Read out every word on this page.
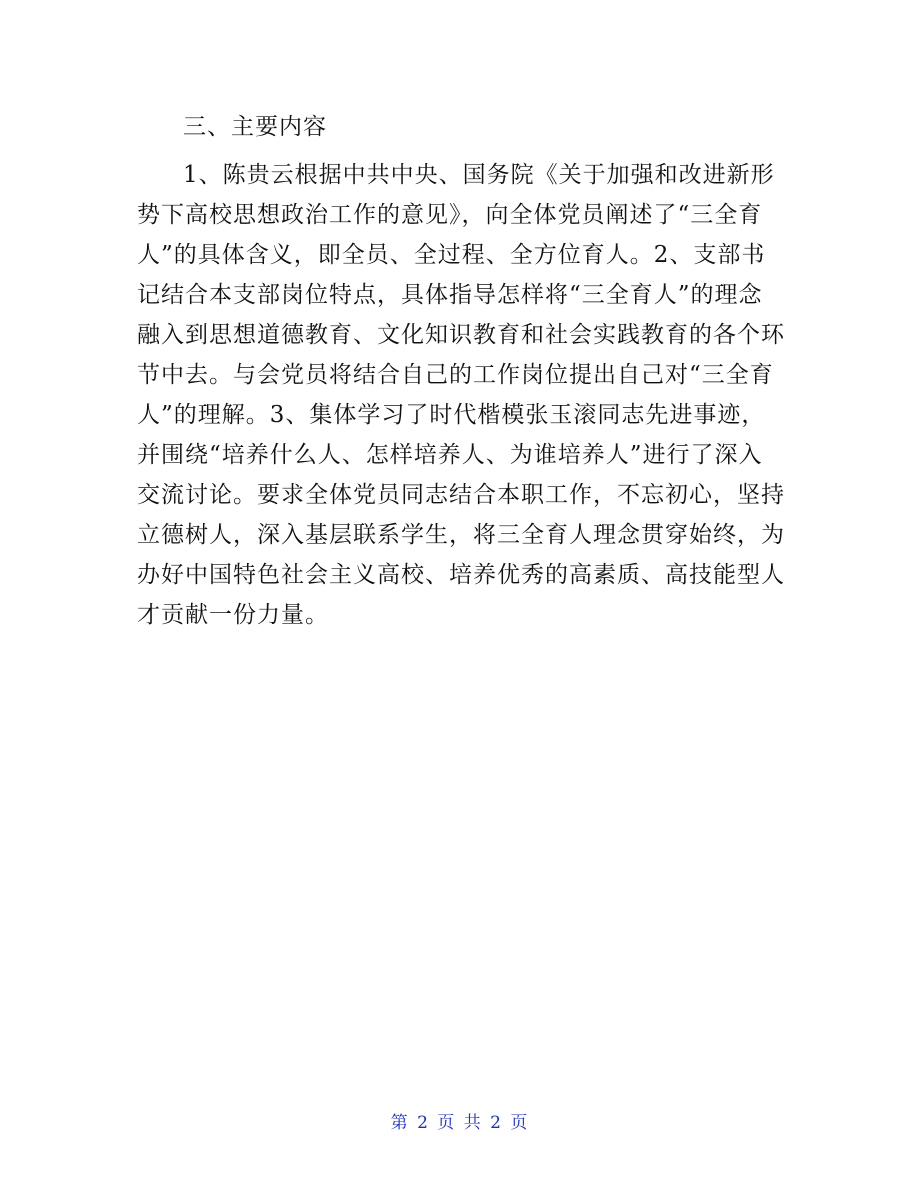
三、主要内容
1、陈贵云根据中共中央、国务院《关于加强和改进新形
势下高校思想政治工作的意见》，向全体党员阐述了“三全育
人”的具体含义，即全员、全过程、全方位育人。2、支部书
记结合本支部岗位特点，具体指导怎样将“三全育人”的理念
融入到思想道德教育、文化知识教育和社会实践教育的各个环
节中去。与会党员将结合自己的工作岗位提出自己对“三全育
人”的理解。3、集体学习了时代楷模张玉滚同志先进事迹，
并围绕“培养什么人、怎样培养人、为谁培养人”进行了深入
交流讨论。要求全体党员同志结合本职工作，不忘初心，坚持
立德树人，深入基层联系学生，将三全育人理念贯穿始终，为
办好中国特色社会主义高校、培养优秀的高素质、高技能型人
才贡献一份力量。
第 2 页 共 2 页
